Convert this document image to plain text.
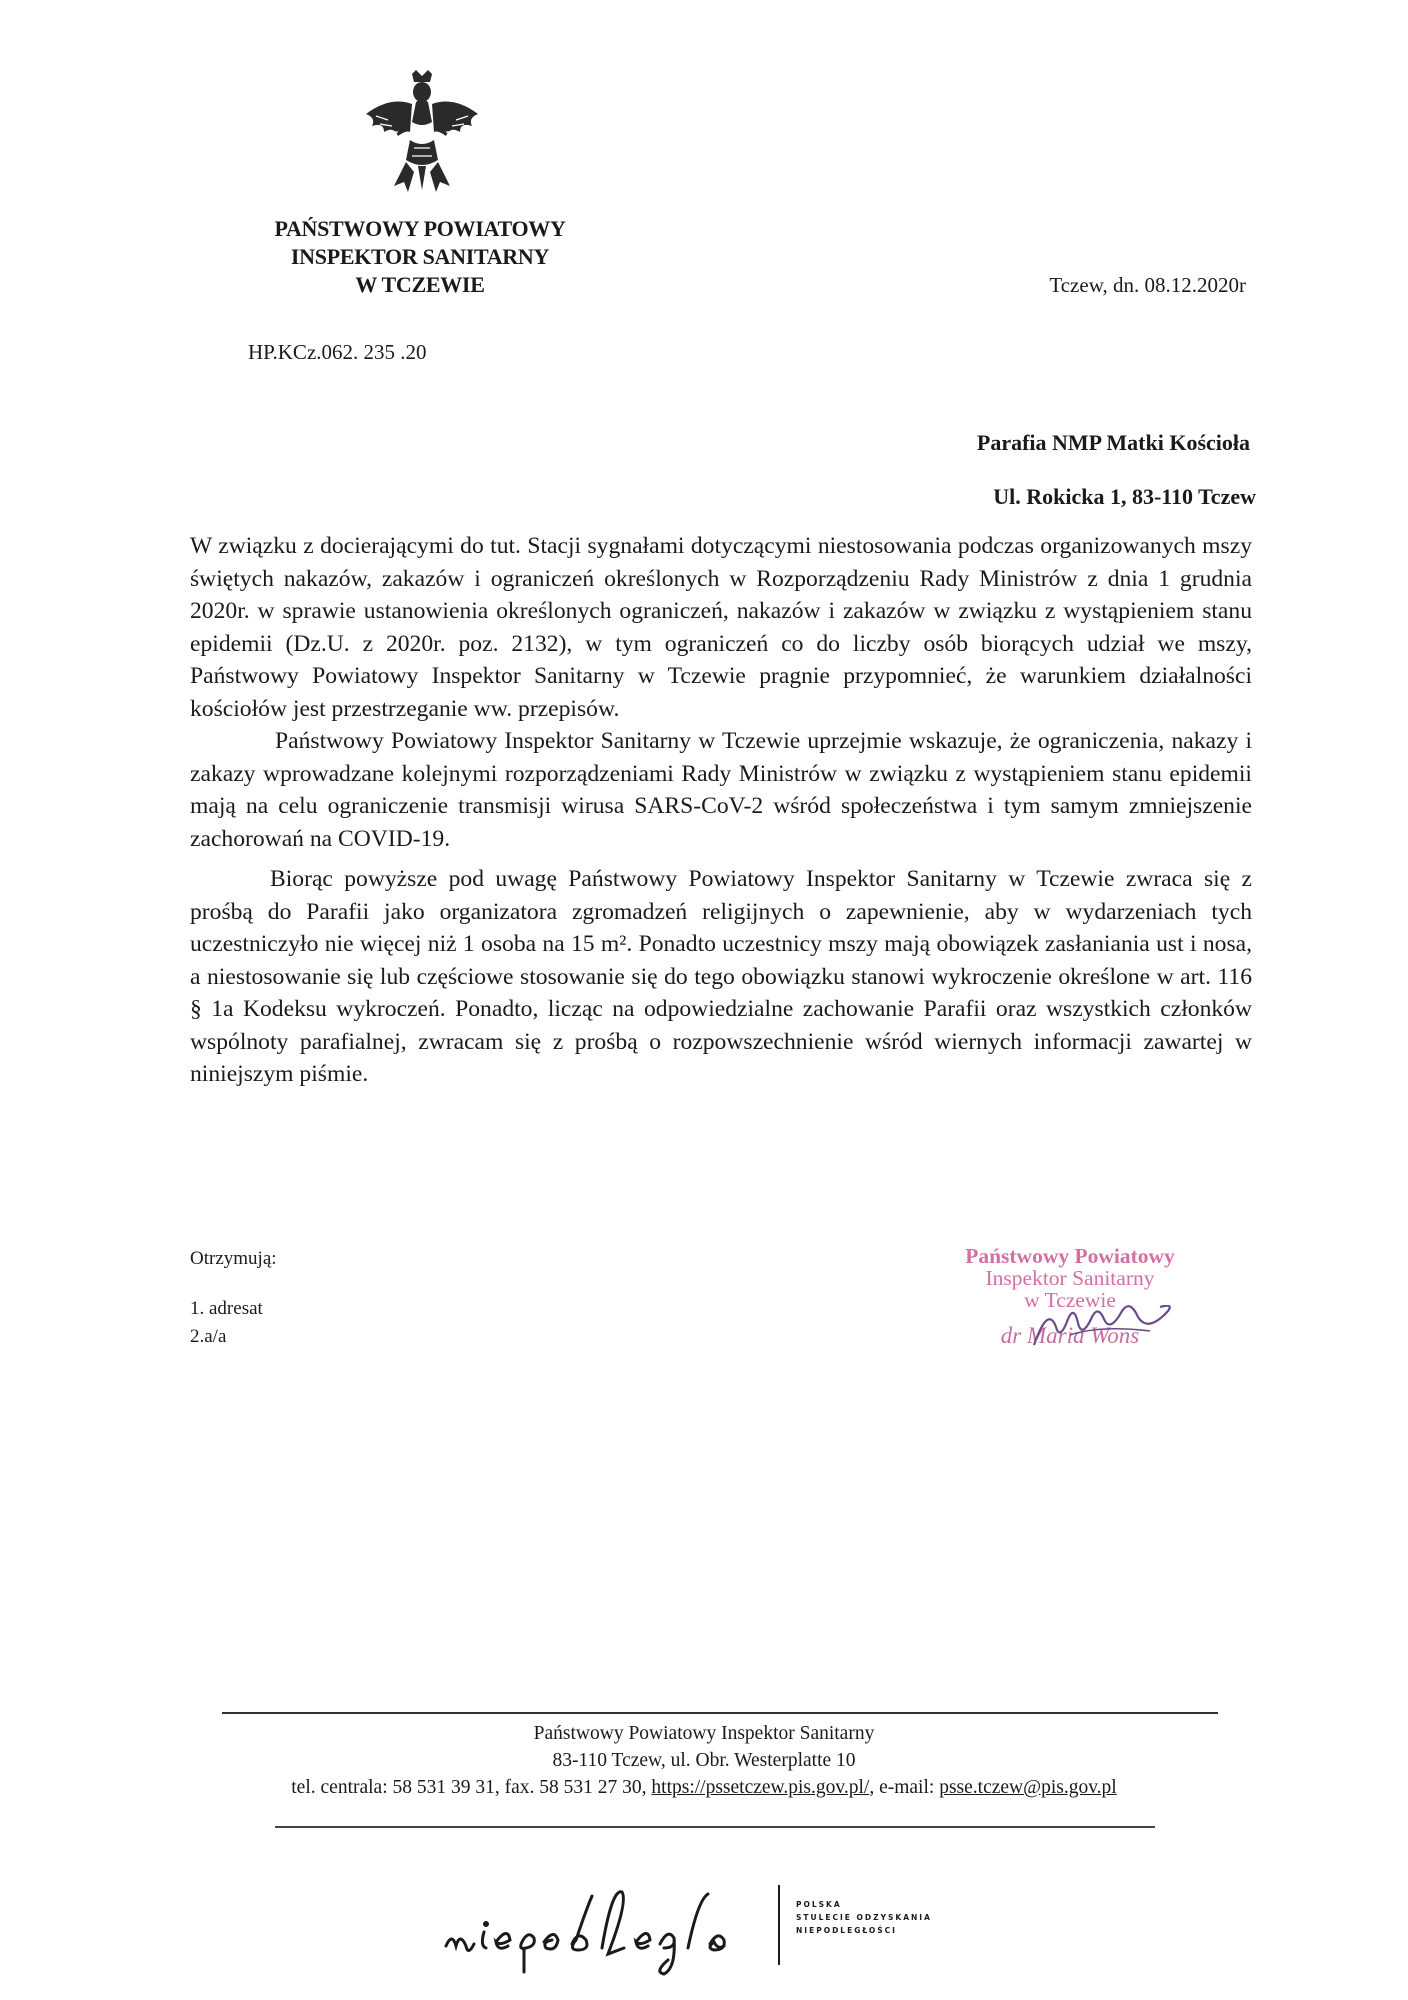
PAŃSTWOWY POWIATOWY
INSPEKTOR SANITARNY
W TCZEWIE	Tczew, dn. 08.12.2020r
HP.KCz.062. 235 .20
Parafia NMP Matki Kościoła
Ul. Rokicka 1, 83-110 Tczew

W związku z docierającymi do tut. Stacji sygnałami dotyczącymi niestosowania podczas organizowanych mszy świętych nakazów, zakazów i ograniczeń określonych w Rozporządzeniu Rady Ministrów z dnia 1 grudnia 2020r. w sprawie ustanowienia określonych ograniczeń, nakazów i zakazów w związku z wystąpieniem stanu epidemii (Dz.U. z 2020r. poz. 2132), w tym ograniczeń co do liczby osób biorących udział we mszy, Państwowy Powiatowy Inspektor Sanitarny w Tczewie pragnie przypomnieć, że warunkiem działalności kościołów jest przestrzeganie ww. przepisów.

Państwowy Powiatowy Inspektor Sanitarny w Tczewie uprzejmie wskazuje, że ograniczenia, nakazy i zakazy wprowadzane kolejnymi rozporządzeniami Rady Ministrów w związku z wystąpieniem stanu epidemii mają na celu ograniczenie transmisji wirusa SARS-CoV-2 wśród społeczeństwa i tym samym zmniejszenie zachorowań na COVID-19.

Biorąc powyższe pod uwagę Państwowy Powiatowy Inspektor Sanitarny w Tczewie zwraca się z prośbą do Parafii jako organizatora zgromadzeń religijnych o zapewnienie, aby w wydarzeniach tych uczestniczyło nie więcej niż 1 osoba na 15 m². Ponadto uczestnicy mszy mają obowiązek zasłaniania ust i nosa, a niestosowanie się lub częściowe stosowanie się do tego obowiązku stanowi wykroczenie określone w art. 116 § 1a Kodeksu wykroczeń. Ponadto, licząc na odpowiedzialne zachowanie Parafii oraz wszystkich członków wspólnoty parafialnej, zwracam się z prośbą o rozpowszechnienie wśród wiernych informacji zawartej w niniejszym piśmie.

Otrzymują:
1. adresat
2.a/a
Państwowy Powiatowy
Inspektor Sanitarny
w Tczewie
dr Maria Wons
Państwowy Powiatowy Inspektor Sanitarny
83-110 Tczew, ul. Obr. Westerplatte 10
tel. centrala: 58 531 39 31, fax. 58 531 27 30, https://pssetczew.pis.gov.pl/, e-mail: psse.tczew@pis.gov.pl
POLSKA
STULECIE ODZYSKANIA
NIEPODLEGŁOŚCI
